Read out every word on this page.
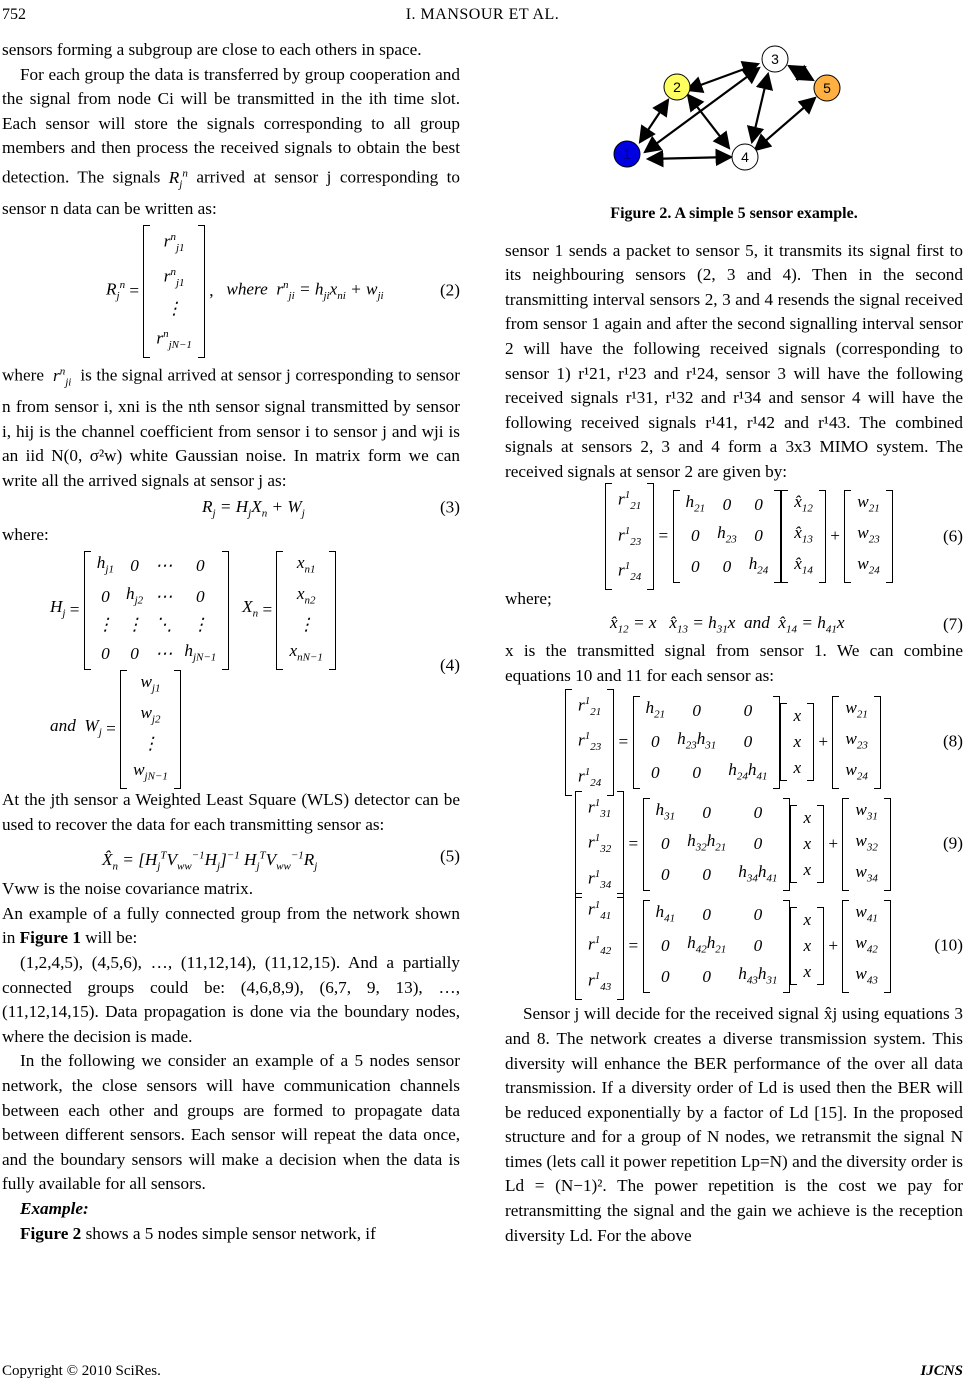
752	I. MANSOUR ET AL.

sensors forming a subgroup are close to each others in space.

For each group the data is transferred by group cooperation and the signal from node Ci will be transmitted in the ith time slot. Each sensor will store the signals corresponding to all group members and then process the received signals to obtain the best detection. The signals $R_j^n$ arrived at sensor j corresponding to sensor n data can be written as:

$R_j^n$ =
$r^n_{j1}$
$r^n_{j1}$
⋮
$r^n_{jN-1}$
, where  $r^n_{ji} = h_{ji}x_{ni} + w_{ji}$	(2)

where  $r^n_{ji}$ is the signal arrived at sensor j corresponding to sensor n from sensor i, xni is the nth sensor signal transmitted by sensor i, hij is the channel coefficient from sensor i to sensor j and wji is an iid N(0, σ²w) white Gaussian noise. In matrix form we can write all the arrived signals at sensor j as:

$R_j = H_jX_n + W_j$	(3)

where:

$H_j$ =
$h_{j1}$	0	⋯	0
0	$h_{j2}$	⋯	0
⋮	⋮	⋱	⋮
0	0	⋯	$h_{jN-1}$

$X_n$ =
$x_{n1}$
$x_{n2}$
⋮
$x_{nN-1}$
and  $W_j$ =
$w_{j1}$
$w_{j2}$
⋮
$w_{jN-1}$
(4)

At the jth sensor a Weighted Least Square (WLS) detector can be used to recover the data for each transmitting sensor as:

$X̂_n = [H_j^TV_{ww}^{-1}H_j]^{-1}$ $H_j^TV_{ww}^{-1}R_j$
(5)

Vww is the noise covariance matrix.

An example of a fully connected group from the network shown in Figure 1 will be:

(1,2,4,5), (4,5,6), …, (11,12,14), (11,12,15). And a partially connected groups could be: (4,6,8,9), (6,7, 9, 13), …, (11,12,14,15). Data propagation is done via the boundary nodes, where the decision is made.

In the following we consider an example of a 5 nodes sensor network, the close sensors will have communication channels between each other and groups are formed to propagate data between different sensors. Each sensor will repeat the data once, and the boundary sensors will make a decision when the data is fully available for all sensors.

Example:

Figure 2 shows a 5 nodes simple sensor network, if

1
2
3
4
5
Figure 2. A simple 5 sensor example.

sensor 1 sends a packet to sensor 5, it transmits its signal first to its neighbouring sensors (2, 3 and 4). Then in the second transmitting interval sensors 2, 3 and 4 resends the signal received from sensor 1 again and after the second signalling interval sensor 2 will have the following received signals (corresponding to sensor 1) r¹21, r¹23 and r¹24, sensor 3 will have the following received signals r¹31, r¹32 and r¹34 and sensor 4 will have the following received signals r¹41, r¹42 and r¹43. The combined signals at sensors 2, 3 and 4 form a 3x3 MIMO system. The received signals at sensor 2 are given by:

$r^1_{21}$
$r^1_{23}$
$r^1_{24}$
=
$h_{21}$	0	0
0	$h_{23}$	0
0	0	$h_{24}$
$x̂_{12}$
$x̂_{13}$
$x̂_{14}$
+
$w_{21}$
$w_{23}$
$w_{24}$
(6)

where;

$x̂_{12} = x$   $x̂_{13} = h_{31}x$  and  $x̂_{14} = h_{41}x$	(7)

x is the transmitted signal from sensor 1. We can combine equations 10 and 11 for each sensor as:

$r^1_{21}$
$r^1_{23}$
$r^1_{24}$
=
$h_{21}$	0	0
0	$h_{23}h_{31}$	0
0	0	$h_{24}h_{41}$
x
x
x
+
$w_{21}$
$w_{23}$
$w_{24}$
(8)
$r^1_{31}$
$r^1_{32}$
$r^1_{34}$
=
$h_{31}$	0	0
0	$h_{32}h_{21}$	0
0	0	$h_{34}h_{41}$
x
x
x
+
$w_{31}$
$w_{32}$
$w_{34}$
(9)
$r^1_{41}$
$r^1_{42}$
$r^1_{43}$
=
$h_{41}$	0	0
0	$h_{42}h_{21}$	0
0	0	$h_{43}h_{31}$
x
x
x
+
$w_{41}$
$w_{42}$
$w_{43}$
(10)

Sensor j will decide for the received signal x̂j using equations 3 and 8. The network creates a diverse transmission system. This diversity will enhance the BER performance of the over all data transmission. If a diversity order of Ld is used then the BER will be reduced exponentially by a factor of Ld [15]. In the proposed structure and for a group of N nodes, we retransmit the signal N times (lets call it power repetition Lp=N) and the diversity order is Ld = (N−1)². The power repetition is the cost we pay for retransmitting the signal and the gain we achieve is the reception diversity Ld. For the above

Copyright © 2010 SciRes.	IJCNS
